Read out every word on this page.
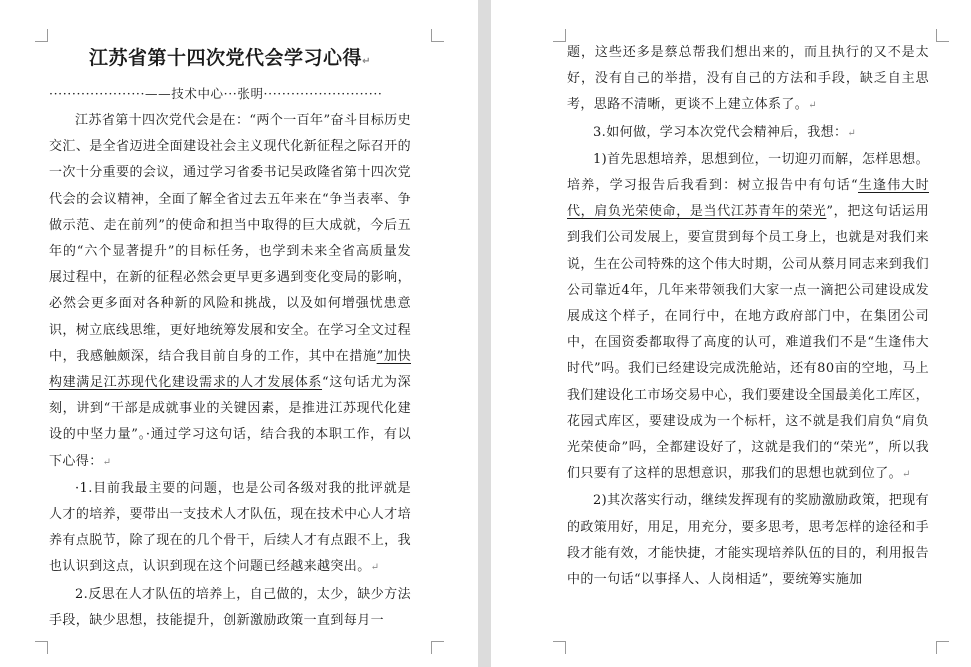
江苏省第十四次党代会学习心得↵
·····················——技术中心···张明··························

江苏省第十四次党代会是在：“两个一百年”奋斗目标历史交汇、是全省迈进全面建设社会主义现代化新征程之际召开的一次十分重要的会议，通过学习省委书记吴政隆省第十四次党代会的会议精神，全面了解全省过去五年来在“争当表率、争做示范、走在前列”的使命和担当中取得的巨大成就，今后五年的“六个显著提升”的目标任务，也学到未来全省高质量发展过程中，在新的征程必然会更早更多遇到变化变局的影响，必然会更多面对各种新的风险和挑战，以及如何增强忧患意识，树立底线思维，更好地统筹发展和安全。在学习全文过程中，我感触颇深，结合我目前自身的工作，其中在措施”加快构建满足江苏现代化建设需求的人才发展体系“这句话尤为深刻，讲到“干部是成就事业的关键因素，是推进江苏现代化建设的中坚力量”。·通过学习这句话，结合我的本职工作，有以下心得：↵

·1.目前我最主要的问题，也是公司各级对我的批评就是人才的培养，要带出一支技术人才队伍，现在技术中心人才培养有点脱节，除了现在的几个骨干，后续人才有点跟不上，我也认识到这点，认识到现在这个问题已经越来越突出。↵

2.反思在人才队伍的培养上，自己做的，太少，缺少方法手段，缺少思想，技能提升，创新激励政策一直到每月一

题，这些还多是蔡总帮我们想出来的，而且执行的又不是太好，没有自己的举措，没有自己的方法和手段，缺乏自主思考，思路不清晰，更谈不上建立体系了。↵

3.如何做，学习本次党代会精神后，我想：↵

1)首先思想培养，思想到位，一切迎刃而解，怎样思想。培养，学习报告后我看到：树立报告中有句话“生逢伟大时代，肩负光荣使命，是当代江苏青年的荣光”，把这句话运用到我们公司发展上，要宣贯到每个员工身上，也就是对我们来说，生在公司特殊的这个伟大时期，公司从蔡月同志来到我们公司靠近4年，几年来带领我们大家一点一滴把公司建设成发展成这个样子，在同行中，在地方政府部门中，在集团公司中，在国资委都取得了高度的认可，难道我们不是“生逢伟大时代”吗。我们已经建设完成洗舱站，还有80亩的空地，马上我们建设化工市场交易中心，我们要建设全国最美化工库区，花园式库区，要建设成为一个标杆，这不就是我们肩负“肩负光荣使命”吗，全都建设好了，这就是我们的“荣光”，所以我们只要有了这样的思想意识，那我们的思想也就到位了。↵

2)其次落实行动，继续发挥现有的奖励激励政策，把现有的政策用好，用足，用充分，要多思考，思考怎样的途径和手段才能有效，才能快捷，才能实现培养队伍的目的，利用报告中的一句话“以事择人、人岗相适”，要统筹实施加
